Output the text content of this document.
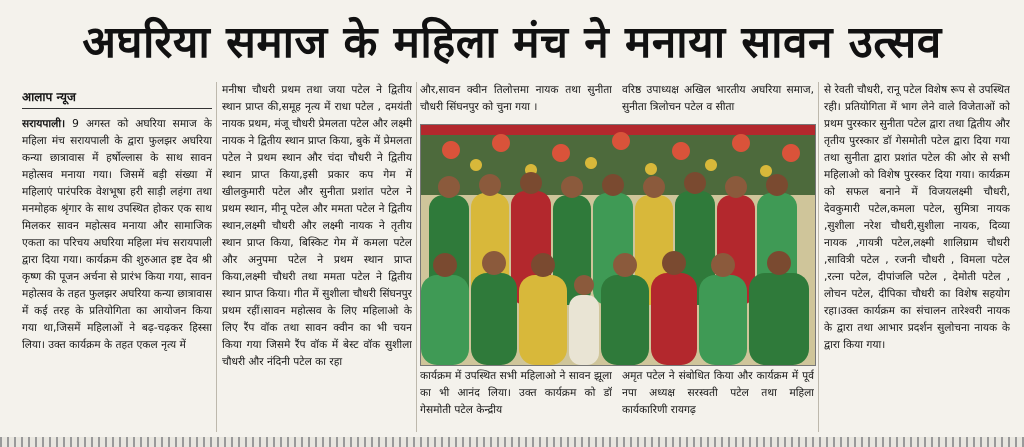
अघरिया समाज के महिला मंच ने मनाया सावन उत्सव
आलाप न्यूज

सरायपाली। 9 अगस्त को अघरिया समाज के महिला मंच सरायपाली के द्वारा फुलझर अघरिया कन्या छात्रावास में हर्षोल्लास के साथ सावन महोत्सव मनाया गया। जिसमें बड़ी संख्या में महिलाएं पारंपरिक वेशभूषा हरी साड़ी लहंगा तथा मनमोहक श्रृंगार के साथ उपस्थित होकर एक साथ मिलकर सावन महोत्सव मनाया और सामाजिक एकता का परिचय अघरिया महिला मंच सरायपाली द्वारा दिया गया। कार्यक्रम की शुरुआत इष्ट देव श्री कृष्ण की पूजन अर्चना से प्रारंभ किया गया, सावन महोत्सव के तहत फुलझर अघरिया कन्या छात्रावास में कई तरह के प्रतियोगिता का आयोजन किया गया था,जिसमें महिलाओं ने बढ़-चढ़कर हिस्सा लिया। उक्त कार्यक्रम के तहत एकल नृत्य में

मनीषा चौधरी प्रथम तथा जया पटेल ने द्वितीय स्थान प्राप्त की,समूह नृत्य में राधा पटेल , दमयंती नायक प्रथम, मंजू चौधरी प्रेमलता पटेल और लक्ष्मी नायक ने द्वितीय स्थान प्राप्त किया, बुके में प्रेमलता पटेल ने प्रथम स्थान और चंदा चौधरी ने द्वितीय स्थान प्राप्त किया,इसी प्रकार कप गेम में खीलकुमारी पटेल और सुनीता प्रशांत पटेल ने प्रथम स्थान, मीनू पटेल और ममता पटेल ने द्वितीय स्थान,लक्ष्मी चौधरी और लक्ष्मी नायक ने तृतीय स्थान प्राप्त किया, बिस्किट गेम में कमला पटेल और अनुपमा पटेल ने प्रथम स्थान प्राप्त किया,लक्ष्मी चौधरी तथा ममता पटेल ने द्वितीय स्थान प्राप्त किया। गीत में सुशीला चौधरी सिंघनपुर प्रथम रहीं।सावन महोत्सव के लिए महिलाओ के लिए रैंप वॉक तथा सावन क्वीन का भी चयन किया गया जिसमे रैंप वॉक में बेस्ट वॉक सुशीला चौधरी और नंदिनी पटेल का रहा

और,सावन क्वीन तिलोत्तमा नायक तथा सुनीता चौधरी सिंघनपुर को चुना गया ।

वरिष्ठ उपाध्यक्ष अखिल भारतीय अघरिया समाज, सुनीता त्रिलोचन पटेल व सीता

कार्यक्रम में उपस्थित सभी महिलाओ ने सावन झूला का भी आनंद लिया। उक्त कार्यक्रम को डॉ गेसमोती पटेल केन्द्रीय

अमृत पटेल ने संबोधित किया और कार्यक्रम में पूर्व नपा अध्यक्ष सरस्वती पटेल तथा महिला कार्यकारिणी रायगढ़

से रेवती चौधरी, रानू पटेल विशेष रूप से उपस्थित रही। प्रतियोगिता में भाग लेने वाले विजेताओं को प्रथम पुरस्कार सुनीता पटेल द्वारा तथा द्वितीय और तृतीय पुरस्कार डॉ गेसमोती पटेल द्वारा दिया गया तथा सुनीता द्वारा प्रशांत पटेल की ओर से सभी महिलाओ को विशेष पुरस्कर दिया गया। कार्यक्रम को सफल बनाने में विजयलक्ष्मी चौधरी, देवकुमारी पटेल,कमला पटेल, सुमित्रा नायक ,सुशीला नरेश चौधरी,सुशीला नायक, दिव्या नायक ,गायत्री पटेल,लक्ष्मी शालिग्राम चौधरी ,सावित्री पटेल , रजनी चौधरी , विमला पटेल ,रत्ना पटेल, दीपांजलि पटेल , देमोती पटेल , लोचन पटेल, दीपिका चौधरी का विशेष सहयोग रहा।उक्त कार्यक्रम का संचालन तारेश्वरी नायक के द्वारा तथा आभार प्रदर्शन सुलोचना नायक के द्वारा किया गया।
